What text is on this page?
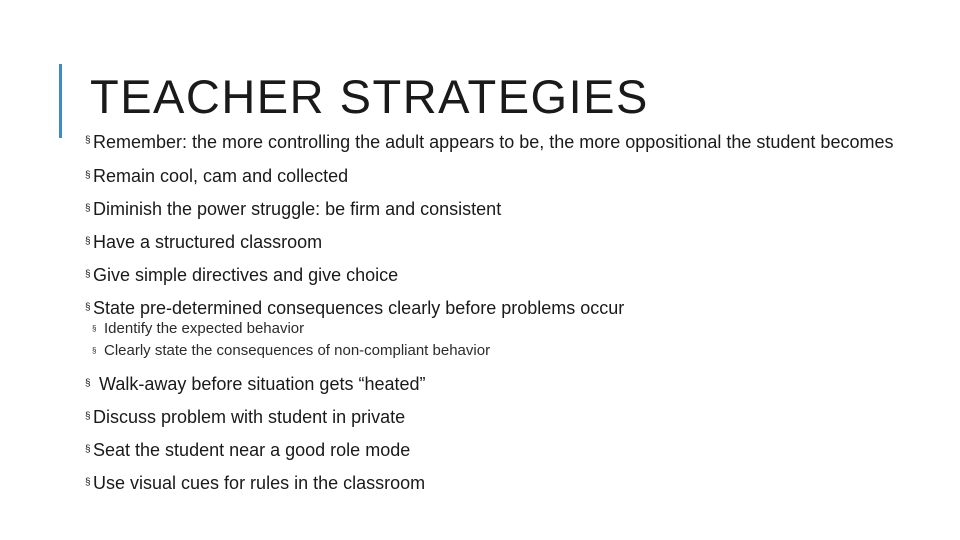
TEACHER STRATEGIES
§ Remember: the more controlling the adult appears to be, the more oppositional the student becomes
§ Remain cool, cam and collected
§ Diminish the power struggle: be firm and consistent
§ Have a structured classroom
§ Give simple directives and give choice
§ State pre-determined consequences clearly before problems occur
§ Identify the expected behavior
§ Clearly state the consequences of non-compliant behavior
§ Walk-away before situation gets “heated”
§ Discuss problem with student in private
§ Seat the student near a good role mode
§ Use visual cues for rules in the classroom
